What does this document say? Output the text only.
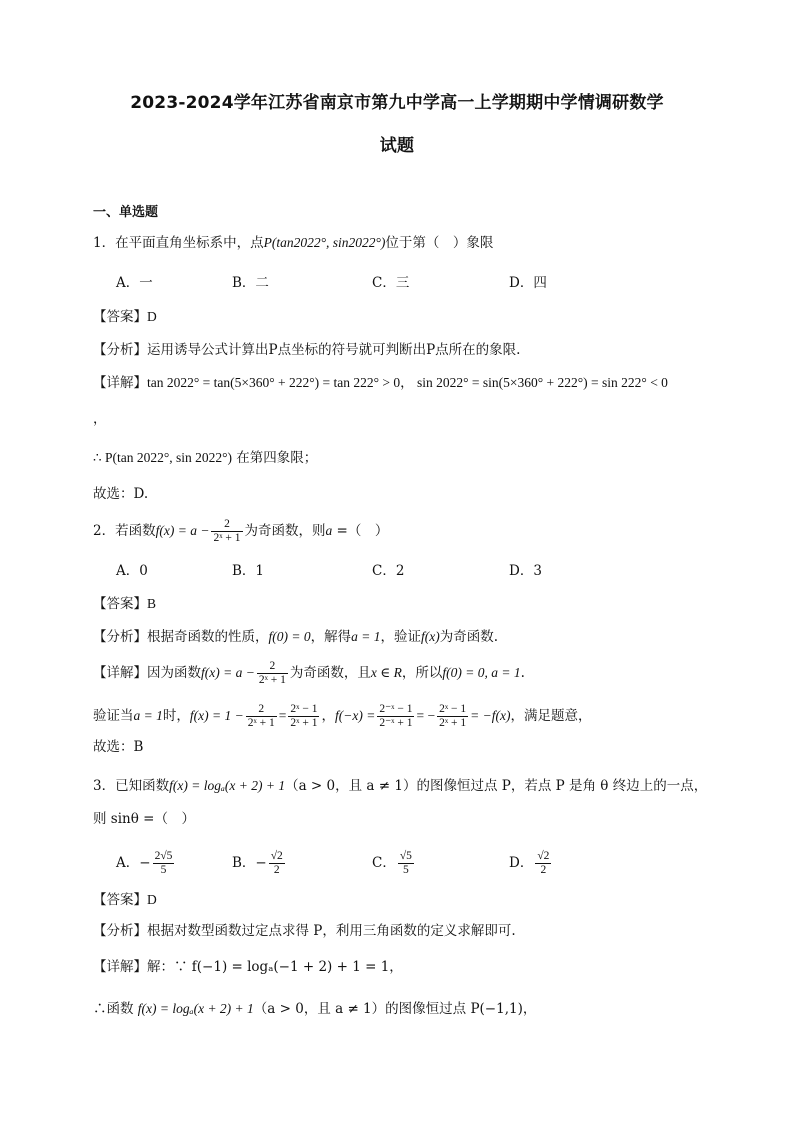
2023-2024学年江苏省南京市第九中学高一上学期期中学情调研数学
试题
一、单选题
1．在平面直角坐标系中，点P(tan2022°, sin2022°)位于第（　）象限
A．一	B．二	C．三	D．四
【答案】D
【分析】运用诱导公式计算出P点坐标的符号就可判断出P点所在的象限.
【详解】tan 2022° = tan(5×360° + 222°) = tan 222° > 0， sin 2022° = sin(5×360° + 222°) = sin 222° < 0
，
∴ P(tan 2022°, sin 2022°) 在第四象限；
故选：D.
2．若函数$f(x) = a - \frac{2}{\text{2ˣ + 1}}$ 为奇函数，则a =（　）
A．0	B．1	C．2	D．3
【答案】B
【分析】根据奇函数的性质，f(0) = 0，解得a = 1，验证f(x)为奇函数.
【详解】因为函数$f(x) = a - \frac{2}{\text{2ˣ + 1}}$ 为奇函数，且x ∈ R，所以f(0) = 0, a = 1.
验证当a = 1时，$f(x) = 1 - \frac{2}{\text{2ˣ + 1}} = \frac{\text{2ˣ − 1}}{\text{2ˣ + 1}}$ ，$f(-x) = \frac{\text{2⁻ˣ − 1}}{\text{2⁻ˣ + 1}}$ = − $\frac{\text{2ˣ − 1}}{\text{2ˣ + 1}} = -f(x)$，满足题意，
故选：B
3．已知函数f(x) = logₐ(x + 2) + 1（a > 0，且 a ≠ 1）的图像恒过点 P，若点 P 是角 θ 终边上的一点，
则 sinθ =（　）
A．− $\frac{2√5}{5}$	B．− $\frac{√2}{2}$	C． $\frac{√5}{5}$	D． $\frac{√2}{2}$
【答案】D
【分析】根据对数型函数过定点求得 P，利用三角函数的定义求解即可.
【详解】解：∵ f(−1) = logₐ(−1 + 2) + 1 = 1，
∴函数 f(x) = logₐ(x + 2) + 1（a > 0，且 a ≠ 1）的图像恒过点 P(−1,1)，
